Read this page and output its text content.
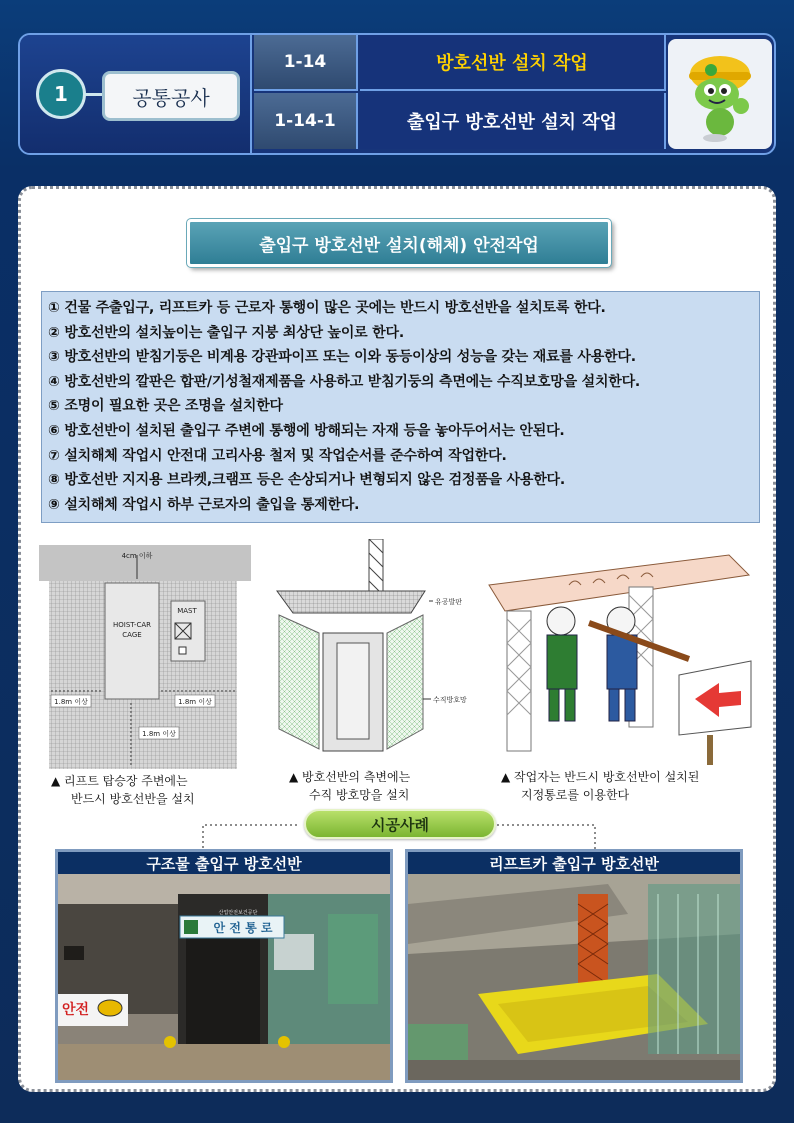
1	공통공사
1-14	방호선반 설치 작업
1-14-1	출입구 방호선반 설치 작업
출입구 방호선반 설치(해체) 안전작업
① 건물 주출입구, 리프트카 등 근로자 통행이 많은 곳에는 반드시 방호선반을 설치토록 한다.
② 방호선반의 설치높이는 출입구 지붕 최상단 높이로 한다.
③ 방호선반의 받침기둥은 비계용 강관파이프 또는 이와 동등이상의 성능을 갖는 재료를 사용한다.
④ 방호선반의 깔판은 합판/기성철재제품을 사용하고 받침기둥의 측면에는 수직보호망을 설치한다.
⑤ 조명이 필요한 곳은 조명을 설치한다
⑥ 방호선반이 설치된 출입구 주변에 통행에 방해되는 자재 등을 놓아두어서는 안된다.
⑦ 설치해체 작업시 안전대 고리사용 철저 및 작업순서를 준수하여 작업한다.
⑧ 방호선반 지지용 브라켓,크램프 등은 손상되거나 변형되지 않은 검정품을 사용한다.
⑨ 설치해체 작업시 하부 근로자의 출입을 통제한다.
4cm 이하
MAST
HOIST-CAR
CAGE
1.8m 이상	1.8m 이상
1.8m 이상
▲ 리프트 탑승장 주변에는
반드시 방호선반을 설치
유공발판
수직방호망
▲ 방호선반의 측변에는
수직 방호망을 설치
▲ 작업자는 반드시 방호선반이 설치된
지정통로를 이용한다
시공사례
구조물 출입구 방호선반
안 전 통 로
산업안전보건공단
안전
리프트카 출입구 방호선반
